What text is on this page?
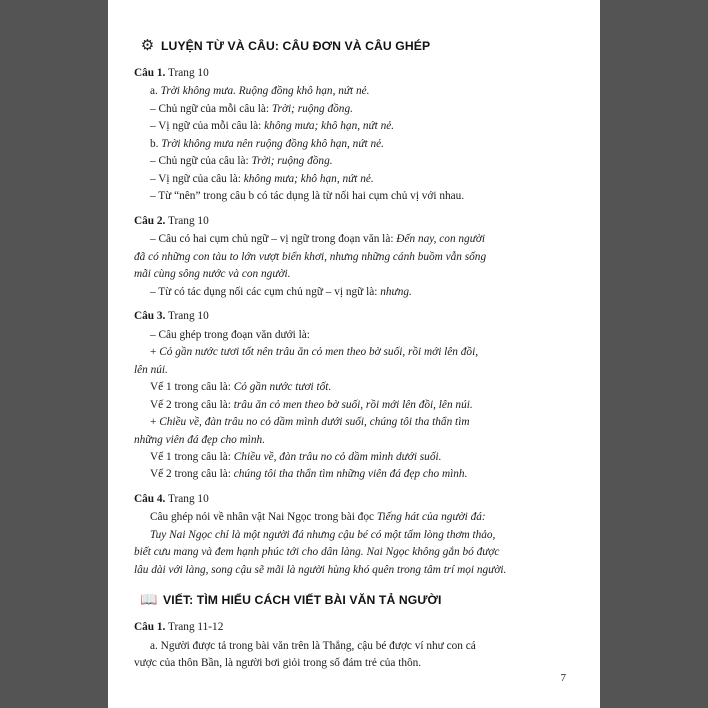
⚙ LUYỆN TỪ VÀ CÂU: CÂU ĐƠN VÀ CÂU GHÉP
Câu 1. Trang 10

a. Trời không mưa. Ruộng đồng khô hạn, nứt nẻ.

– Chủ ngữ của mỗi câu là: Trời; ruộng đồng.

– Vị ngữ của mỗi câu là: không mưa; khô hạn, nứt nẻ.

b. Trời không mưa nên ruộng đồng khô hạn, nứt nẻ.

– Chủ ngữ của câu là: Trời; ruộng đồng.

– Vị ngữ của câu là: không mưa; khô hạn, nứt nẻ.

– Từ “nên” trong câu b có tác dụng là từ nối hai cụm chủ vị với nhau.

Câu 2. Trang 10

– Câu có hai cụm chủ ngữ – vị ngữ trong đoạn văn là: Đến nay, con người

đã có những con tàu to lớn vượt biển khơi, nhưng những cánh buồm vẫn sống

mãi cùng sông nước và con người.

– Từ có tác dụng nối các cụm chủ ngữ – vị ngữ là: nhưng.

Câu 3. Trang 10

– Câu ghép trong đoạn văn dưới là:

+ Cỏ gần nước tươi tốt nên trâu ăn cỏ men theo bờ suối, rồi mới lên đồi,

lên núi.

Vế 1 trong câu là: Cỏ gần nước tươi tốt.

Vế 2 trong câu là: trâu ăn cỏ men theo bờ suối, rồi mới lên đồi, lên núi.

+ Chiều về, đàn trâu no cỏ dầm mình dưới suối, chúng tôi tha thẩn tìm

những viên đá đẹp cho mình.

Vế 1 trong câu là: Chiều về, đàn trâu no cỏ dầm mình dưới suối.

Vế 2 trong câu là: chúng tôi tha thẩn tìm những viên đá đẹp cho mình.

Câu 4. Trang 10

Câu ghép nói về nhân vật Nai Ngọc trong bài đọc Tiếng hát của người đá:

Tuy Nai Ngọc chỉ là một người đá nhưng cậu bé có một tấm lòng thơm thảo,

biết cưu mang và đem hạnh phúc tới cho dân làng. Nai Ngọc không gắn bó được

lâu dài với làng, song cậu sẽ mãi là người hùng khó quên trong tâm trí mọi người.

📖 VIẾT: TÌM HIỂU CÁCH VIẾT BÀI VĂN TẢ NGƯỜI
Câu 1. Trang 11-12

a. Người được tả trong bài văn trên là Thắng, cậu bé được ví như con cá

vược của thôn Bần, là người bơi giỏi trong số đám trẻ của thôn.

7
